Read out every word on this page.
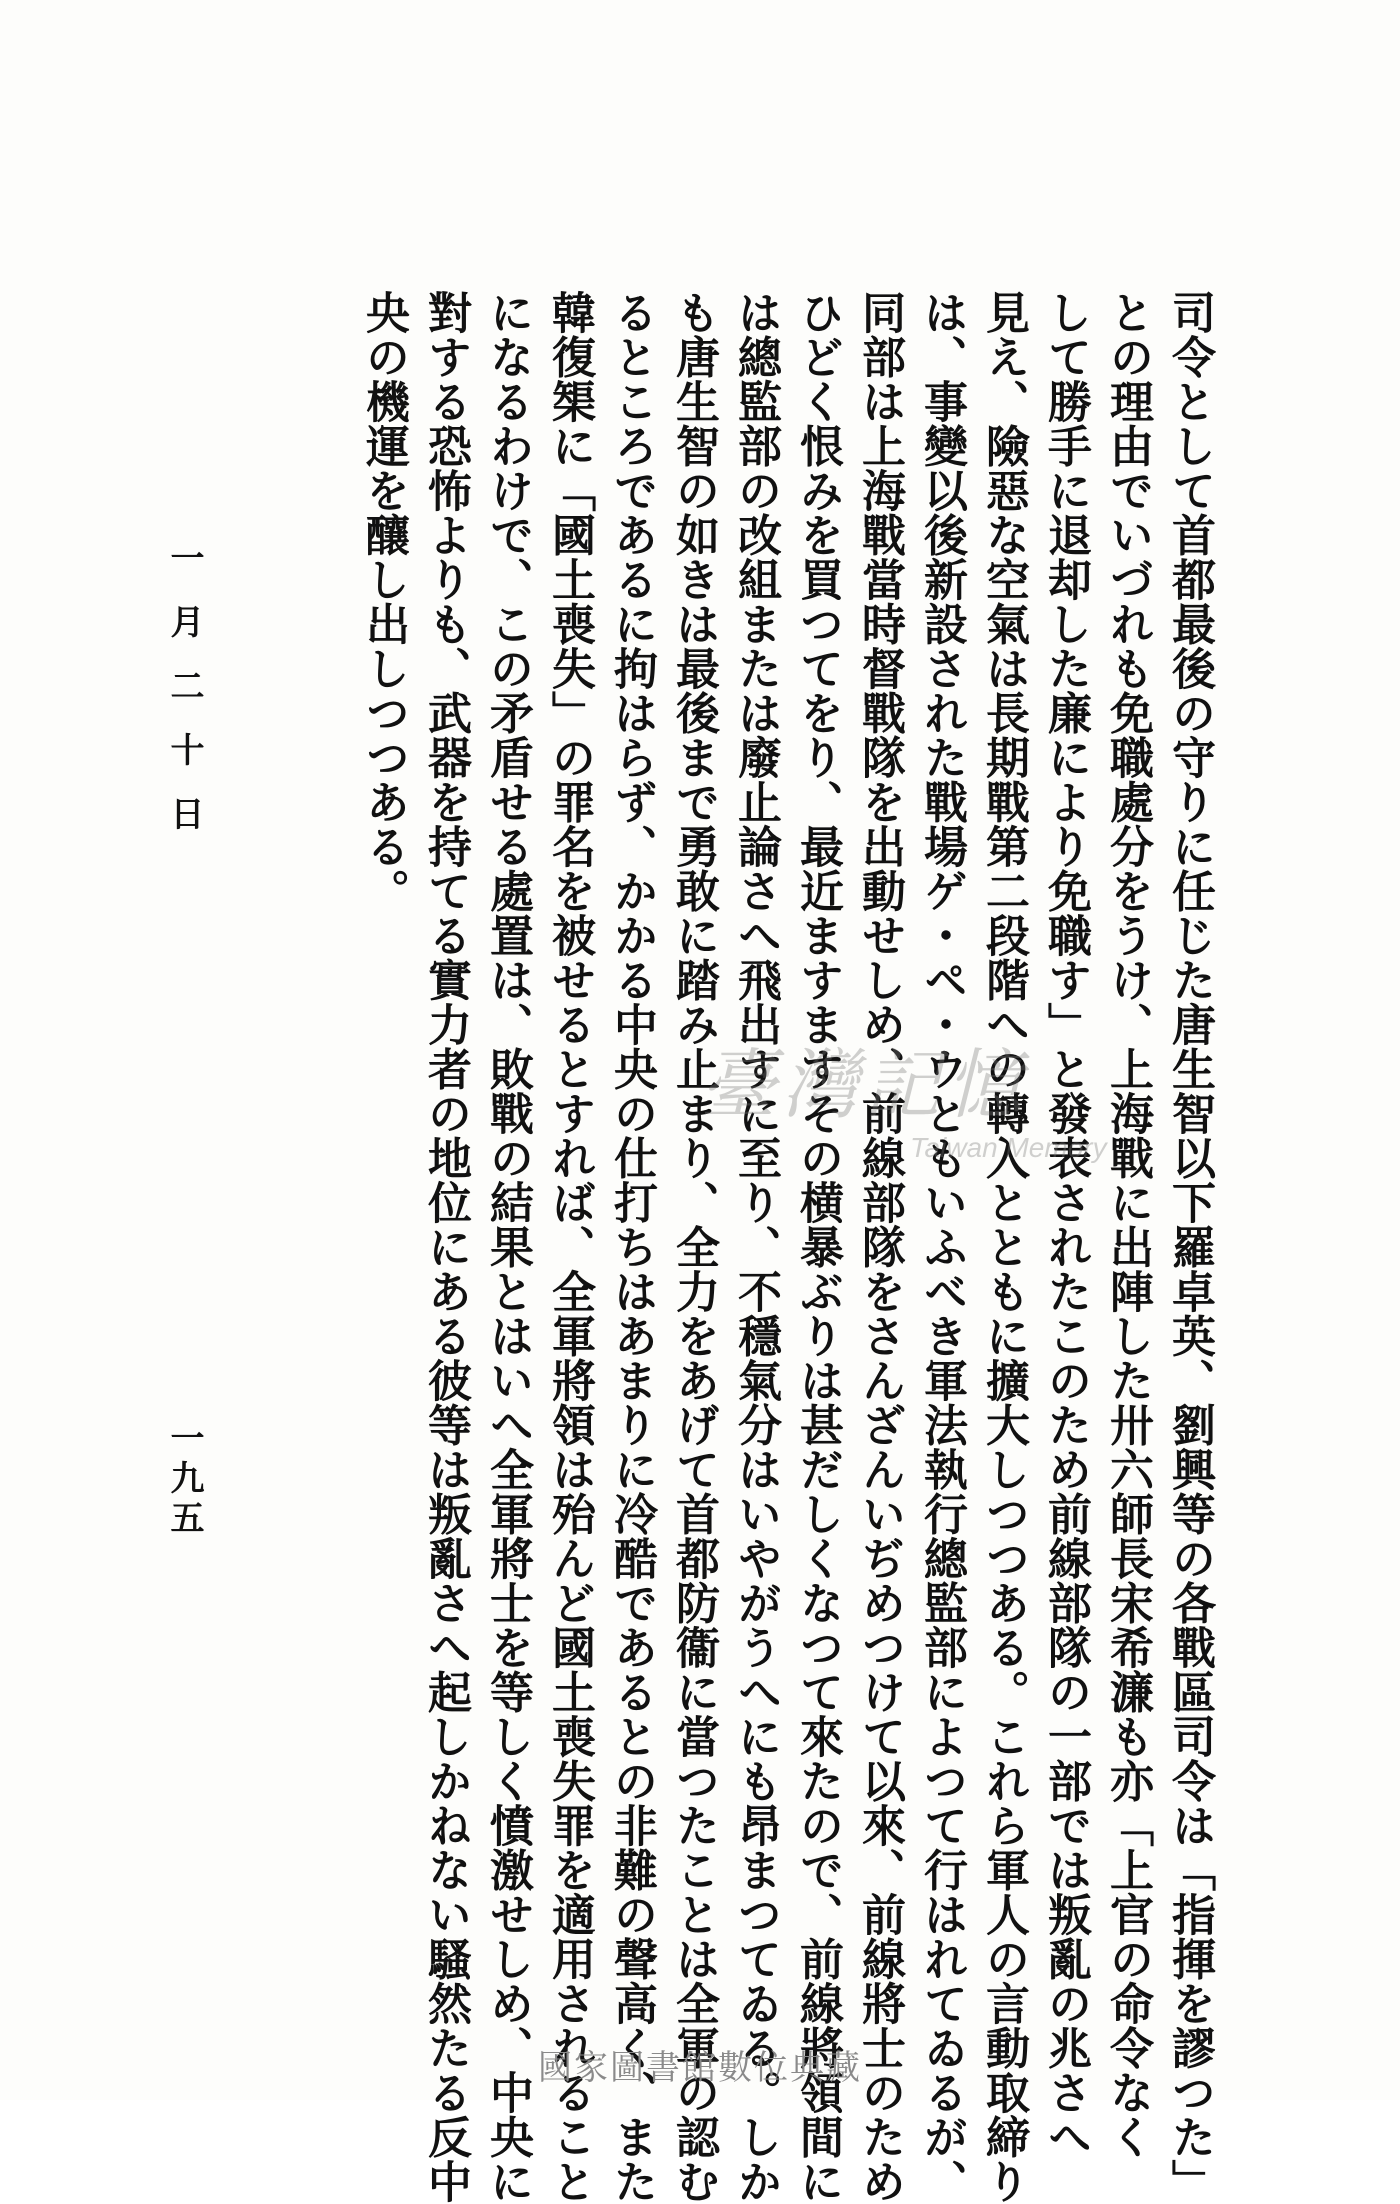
司令として首都最後の守りに任じた唐生智以下羅卓英、劉興等の各戰區司令は「指揮を謬つた」
との理由でいづれも免職處分をうけ、上海戰に出陣した卅六師長宋希濂も亦「上官の命令なく
して勝手に退却した廉により免職す」と發表されたこのため前線部隊の一部では叛亂の兆さへ
見え、險惡な空氣は長期戰第二段階への轉入とともに擴大しつつある。これら軍人の言動取締り
は、事變以後新設された戰場ゲ・ペ・ウともいふべき軍法執行總監部によつて行はれてゐるが、
同部は上海戰當時督戰隊を出動せしめ、前線部隊をさんざんいぢめつけて以來、前線將士のため
ひどく恨みを買つてをり、最近ますますその横暴ぶりは甚だしくなつて來たので、前線將領間に
は總監部の改組または廢止論さへ飛出すに至り、不穩氣分はいやがうへにも昂まつてゐる。しか
も唐生智の如きは最後まで勇敢に踏み止まり、全力をあげて首都防衞に當つたことは全軍の認む
るところであるに拘はらず、かかる中央の仕打ちはあまりに冷酷であるとの非難の聲高く、また
韓復榘に「國土喪失」の罪名を被せるとすれば、全軍將領は殆んど國土喪失罪を適用されること
になるわけで、この矛盾せる處置は、敗戰の結果とはいへ全軍將士を等しく憤激せしめ、中央に
對する恐怖よりも、武器を持てる實力者の地位にある彼等は叛亂さへ起しかねない騷然たる反中
央の機運を釀し出しつつある。
一月二十日
一九五
臺灣記憶
Taiwan Memory
國家圖書館數位典藏
